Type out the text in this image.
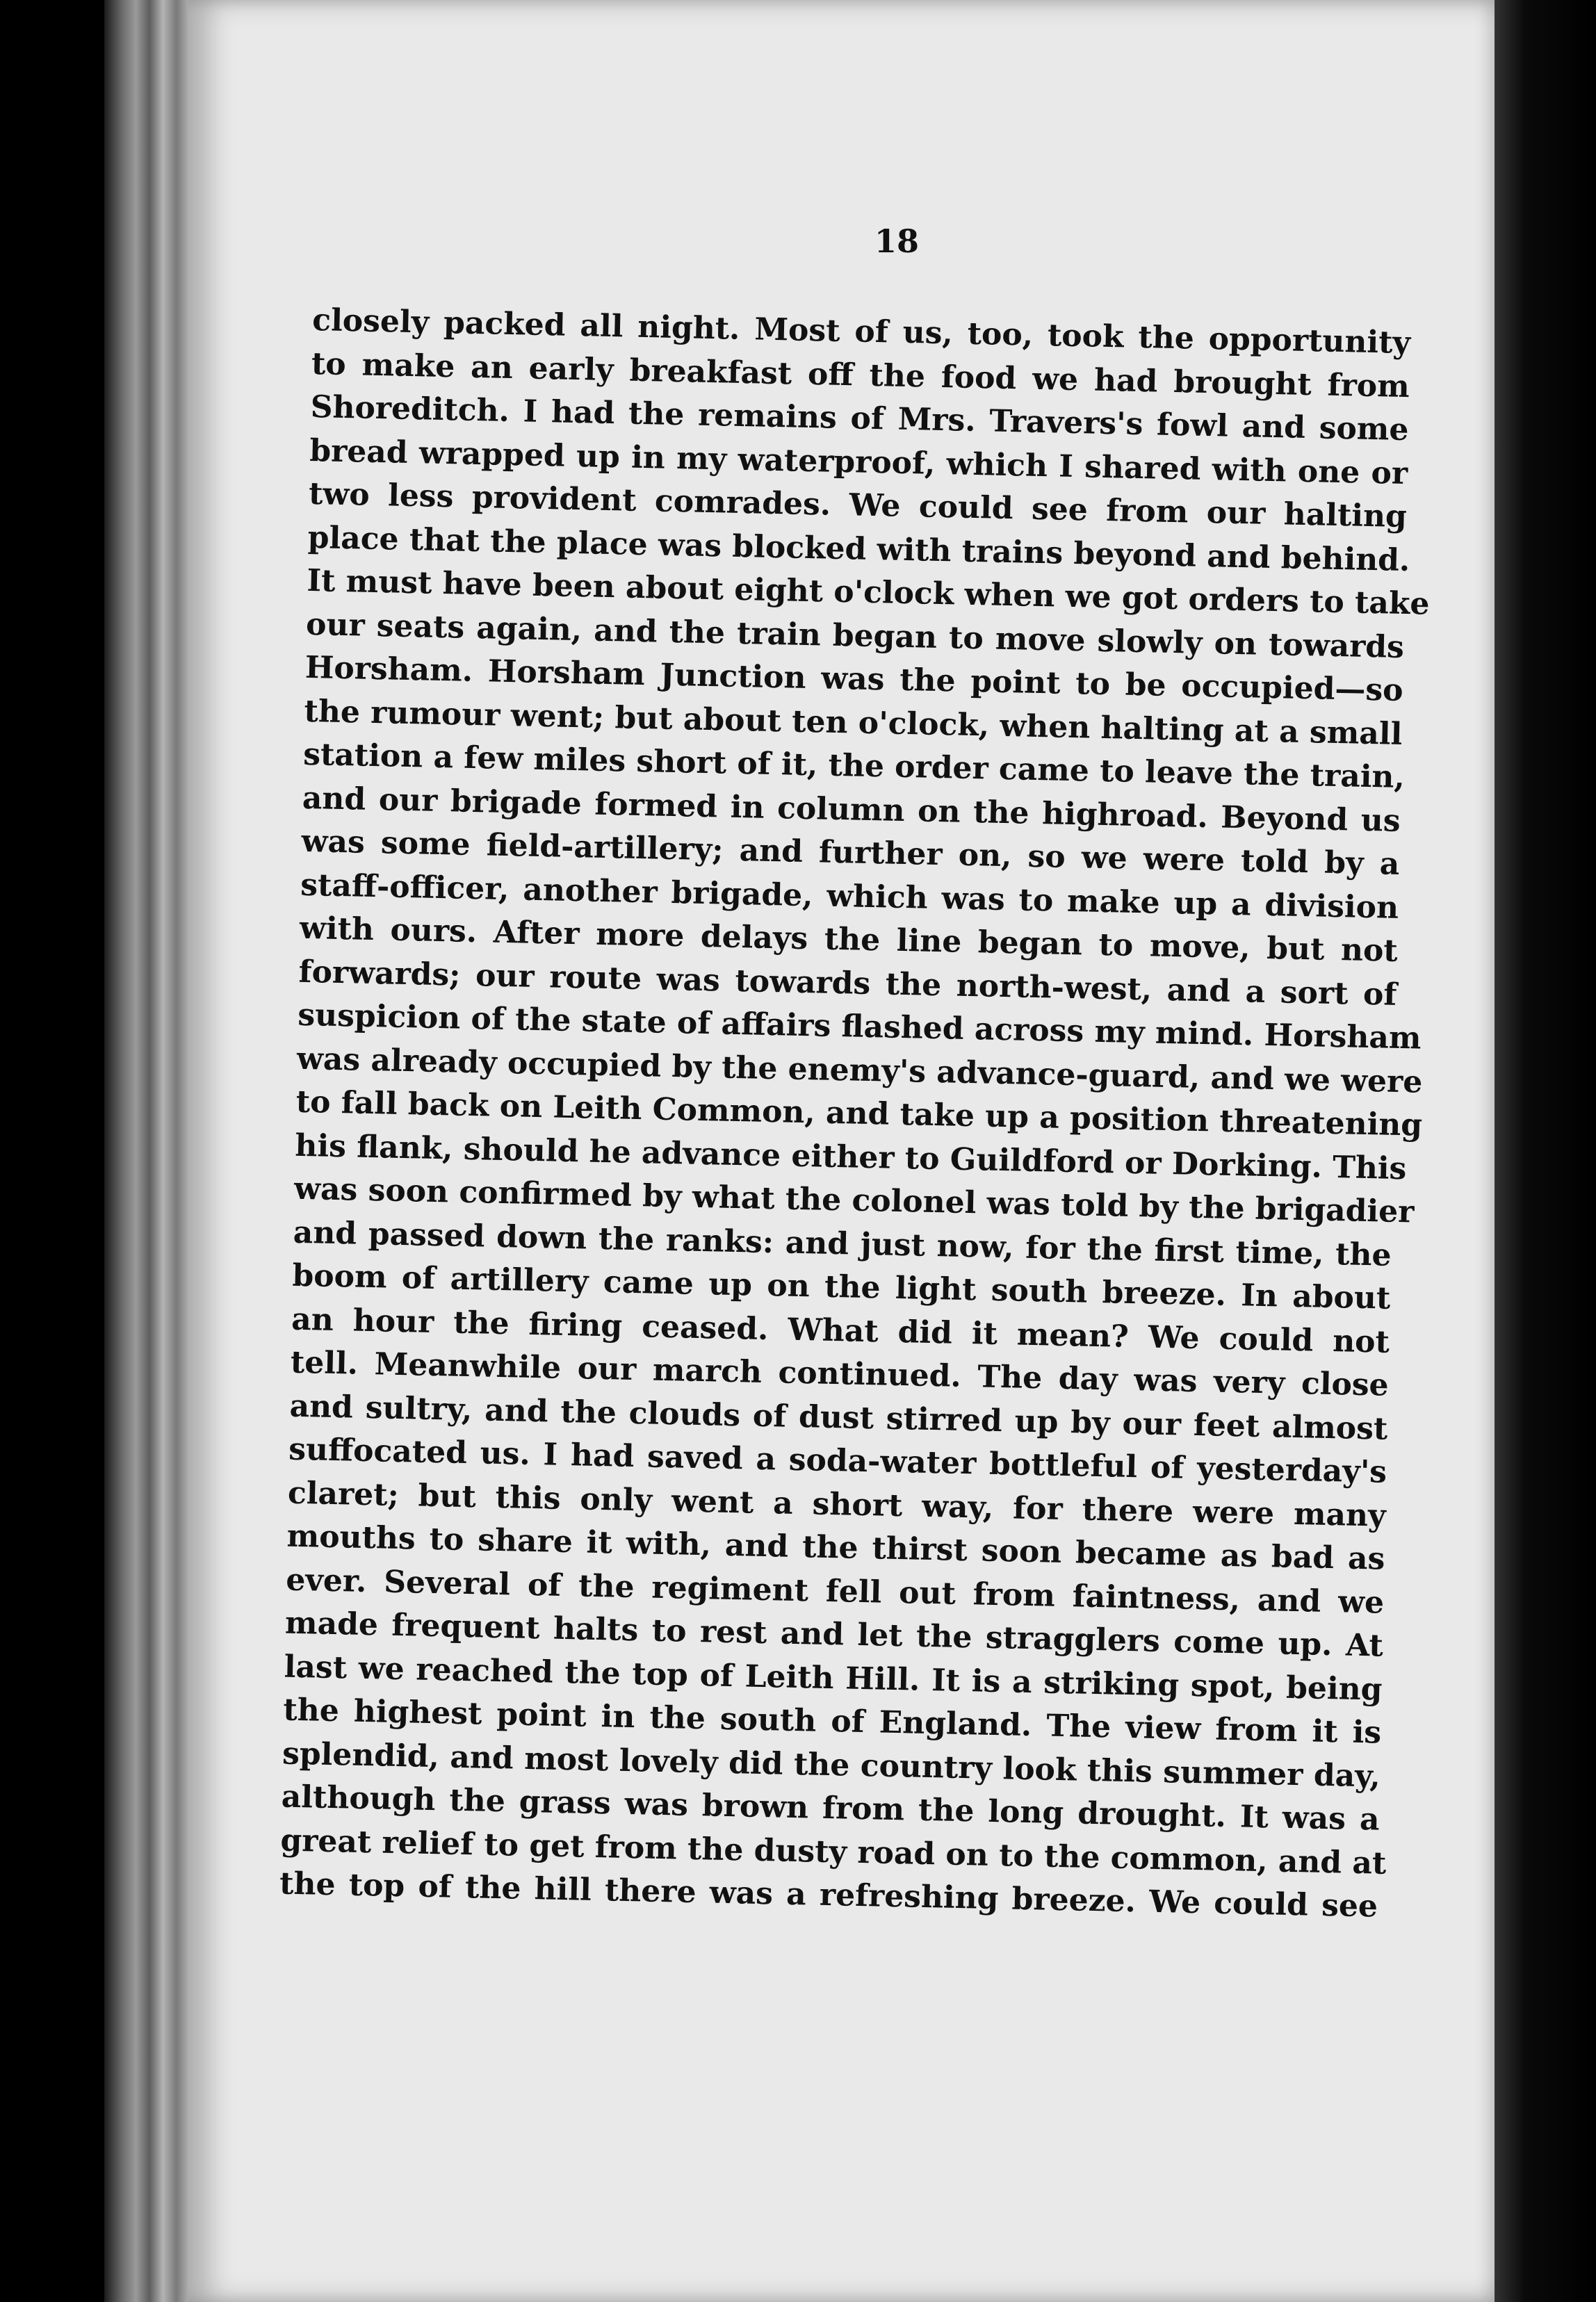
18
closely packed all night. Most of us, too, took the opportunity
to make an early breakfast off the food we had brought from
Shoreditch. I had the remains of Mrs. Travers's fowl and some
bread wrapped up in my waterproof, which I shared with one or
two less provident comrades. We could see from our halting
place that the place was blocked with trains beyond and behind.
It must have been about eight o'clock when we got orders to take
our seats again, and the train began to move slowly on towards
Horsham. Horsham Junction was the point to be occupied—so
the rumour went; but about ten o'clock, when halting at a small
station a few miles short of it, the order came to leave the train,
and our brigade formed in column on the highroad. Beyond us
was some field-artillery; and further on, so we were told by a
staff-officer, another brigade, which was to make up a division
with ours. After more delays the line began to move, but not
forwards; our route was towards the north-west, and a sort of
suspicion of the state of affairs flashed across my mind. Horsham
was already occupied by the enemy's advance-guard, and we were
to fall back on Leith Common, and take up a position threatening
his flank, should he advance either to Guildford or Dorking. This
was soon confirmed by what the colonel was told by the brigadier
and passed down the ranks: and just now, for the first time, the
boom of artillery came up on the light south breeze. In about
an hour the firing ceased. What did it mean? We could not
tell. Meanwhile our march continued. The day was very close
and sultry, and the clouds of dust stirred up by our feet almost
suffocated us. I had saved a soda-water bottleful of yesterday's
claret; but this only went a short way, for there were many
mouths to share it with, and the thirst soon became as bad as
ever. Several of the regiment fell out from faintness, and we
made frequent halts to rest and let the stragglers come up. At
last we reached the top of Leith Hill. It is a striking spot, being
the highest point in the south of England. The view from it is
splendid, and most lovely did the country look this summer day,
although the grass was brown from the long drought. It was a
great relief to get from the dusty road on to the common, and at
the top of the hill there was a refreshing breeze. We could see
